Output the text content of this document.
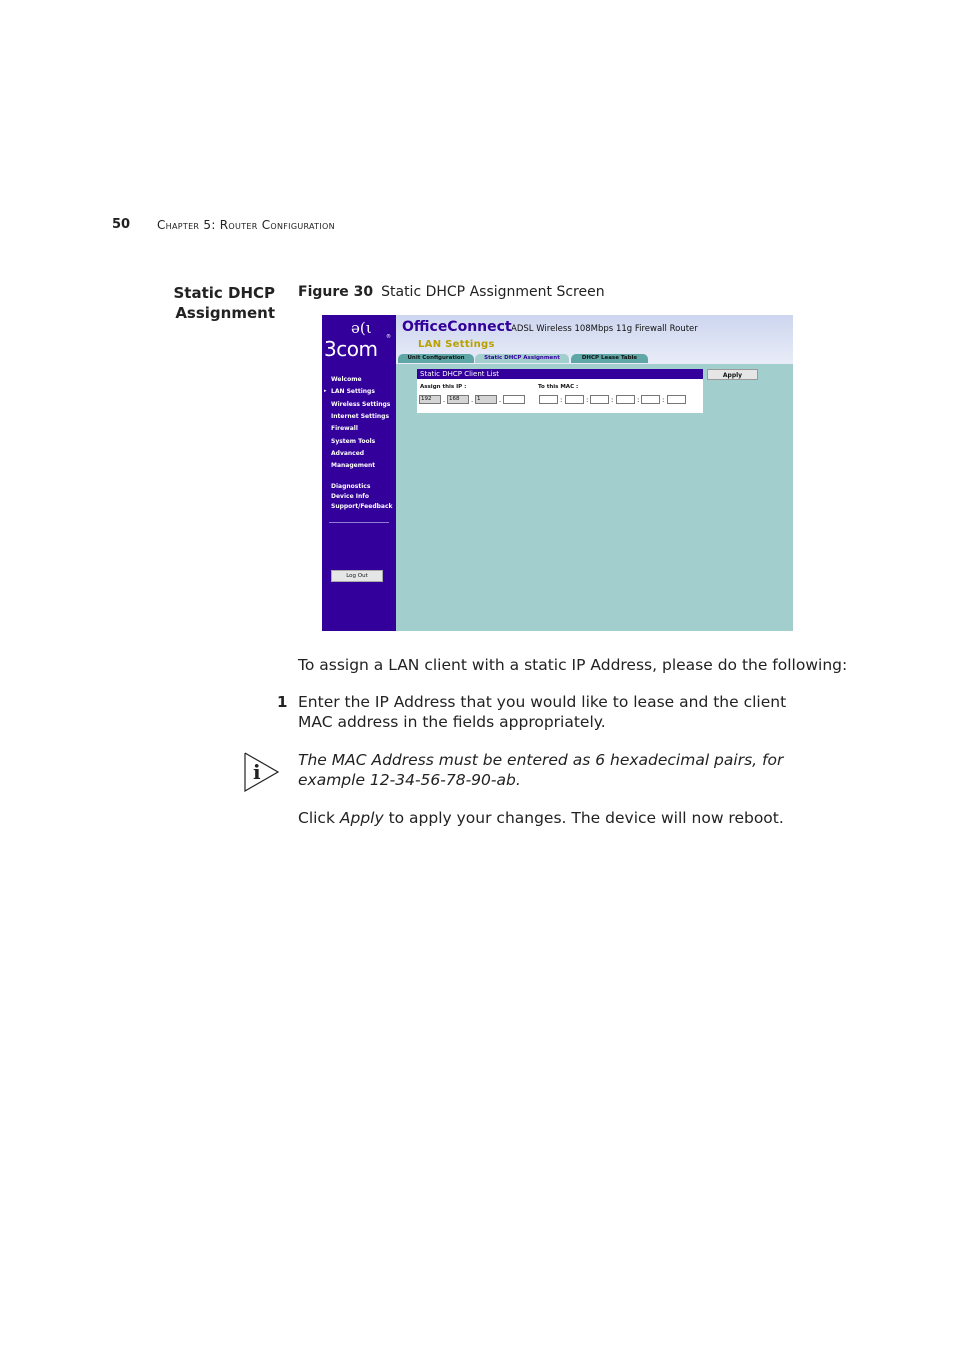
50 Chapter 5: Router Configuration
Static DHCP
Assignment
Figure 30 Static DHCP Assignment Screen
OfficeConnect ADSL Wireless 108Mbps 11g Firewall Router
LAN Settings
Unit Configuration	Static DHCP Assignment	DHCP Lease Table
ə(ι
3com ®
▸
Welcome
LAN Settings
Wireless Settings
Internet Settings
Firewall
System Tools
Advanced
Management
Diagnostics
Device Info
Support/Feedback
Log Out
Static DHCP Client List
Assign this IP :	To this MAC :
192	. 168	. 1	.	:	:	:	:	:
Apply
To assign a LAN client with a static IP Address, please do the following:
1 Enter the IP Address that you would like to lease and the client MAC address in the fields appropriately.
i The MAC Address must be entered as 6 hexadecimal pairs, for example 12-34-56-78-90-ab.
Click Apply to apply your changes. The device will now reboot.
